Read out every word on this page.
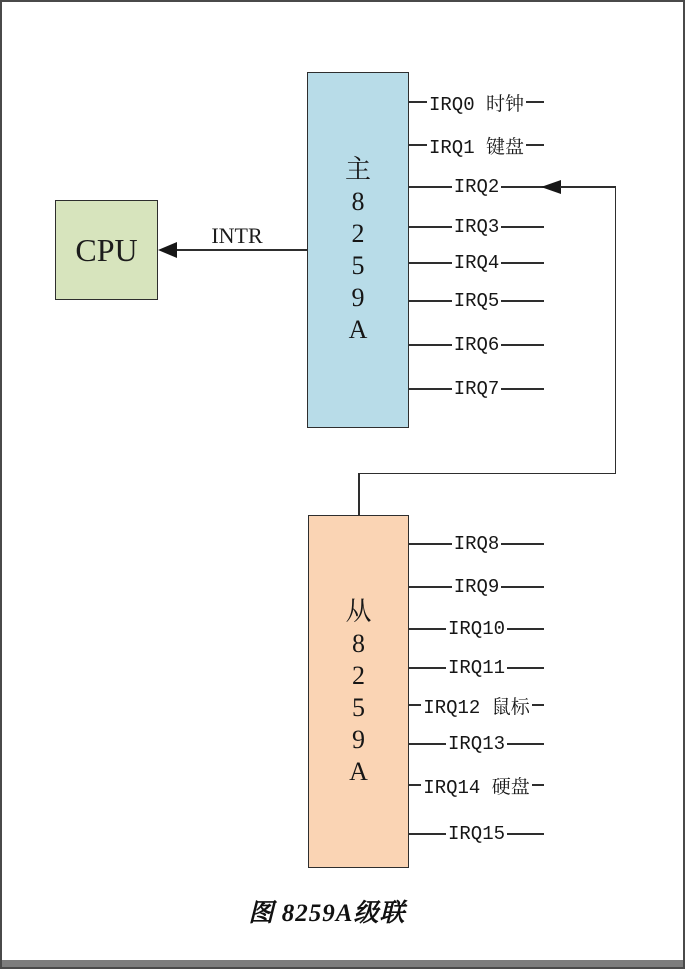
CPU	INTR
主
8
2
5
9
A
IRQ0 时钟
IRQ1 键盘
IRQ2
IRQ3
IRQ4
IRQ5
IRQ6
IRQ7
从
8
2
5
9
A
IRQ8
IRQ9
IRQ10
IRQ11
IRQ12 鼠标
IRQ13
IRQ14 硬盘
IRQ15
图 8259A级联
